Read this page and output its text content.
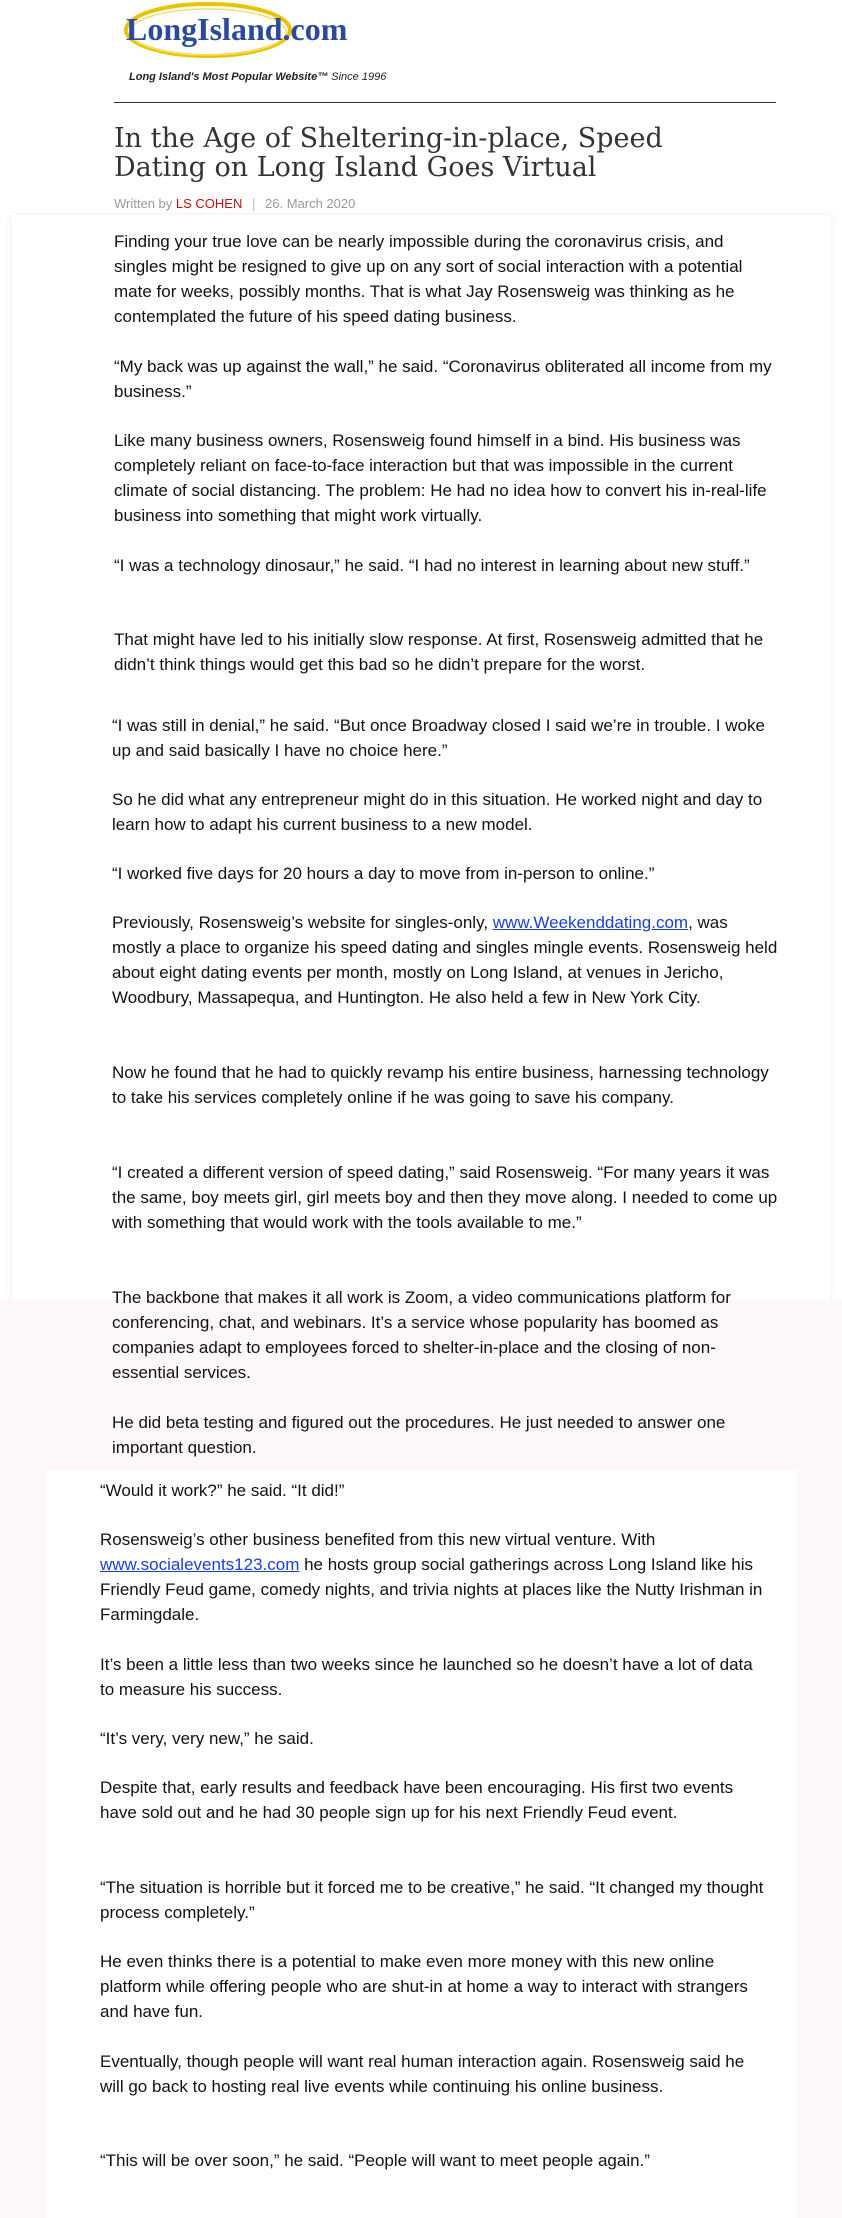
LongIsland.com
Long Island's Most Popular Website™ Since 1996
In the Age of Sheltering-in-place, Speed Dating on Long Island Goes Virtual
Written by LS COHEN | 26. March 2020

Finding your true love can be nearly impossible during the coronavirus crisis, and singles might be resigned to give up on any sort of social interaction with a potential mate for weeks, possibly months. That is what Jay Rosensweig was thinking as he contemplated the future of his speed dating business.

“My back was up against the wall,” he said. “Coronavirus obliterated all income from my business.”

Like many business owners, Rosensweig found himself in a bind. His business was completely reliant on face-to-face interaction but that was impossible in the current climate of social distancing. The problem: He had no idea how to convert his in-real-life business into something that might work virtually.

“I was a technology dinosaur,” he said. “I had no interest in learning about new stuff.”

That might have led to his initially slow response. At first, Rosensweig admitted that he didn’t think things would get this bad so he didn’t prepare for the worst.

“I was still in denial,” he said. “But once Broadway closed I said we’re in trouble. I woke up and said basically I have no choice here.”

So he did what any entrepreneur might do in this situation. He worked night and day to learn how to adapt his current business to a new model.

“I worked five days for 20 hours a day to move from in-person to online.”

Previously, Rosensweig’s website for singles-only, www.Weekenddating.com, was mostly a place to organize his speed dating and singles mingle events. Rosensweig held about eight dating events per month, mostly on Long Island, at venues in Jericho, Woodbury, Massapequa, and Huntington. He also held a few in New York City.

Now he found that he had to quickly revamp his entire business, harnessing technology to take his services completely online if he was going to save his company.

“I created a different version of speed dating,” said Rosensweig. “For many years it was the same, boy meets girl, girl meets boy and then they move along. I needed to come up with something that would work with the tools available to me.”

The backbone that makes it all work is Zoom, a video communications platform for conferencing, chat, and webinars. It’s a service whose popularity has boomed as companies adapt to employees forced to shelter-in-place and the closing of non-essential services.

He did beta testing and figured out the procedures. He just needed to answer one important question.

“Would it work?” he said. “It did!”

Rosensweig’s other business benefited from this new virtual venture. With www.socialevents123.com he hosts group social gatherings across Long Island like his Friendly Feud game, comedy nights, and trivia nights at places like the Nutty Irishman in Farmingdale.

It’s been a little less than two weeks since he launched so he doesn’t have a lot of data to measure his success.

“It’s very, very new,” he said.

Despite that, early results and feedback have been encouraging. His first two events have sold out and he had 30 people sign up for his next Friendly Feud event.

“The situation is horrible but it forced me to be creative,” he said. “It changed my thought process completely.”

He even thinks there is a potential to make even more money with this new online platform while offering people who are shut-in at home a way to interact with strangers and have fun.

Eventually, though people will want real human interaction again. Rosensweig said he will go back to hosting real live events while continuing his online business.

“This will be over soon,” he said. “People will want to meet people again.”
